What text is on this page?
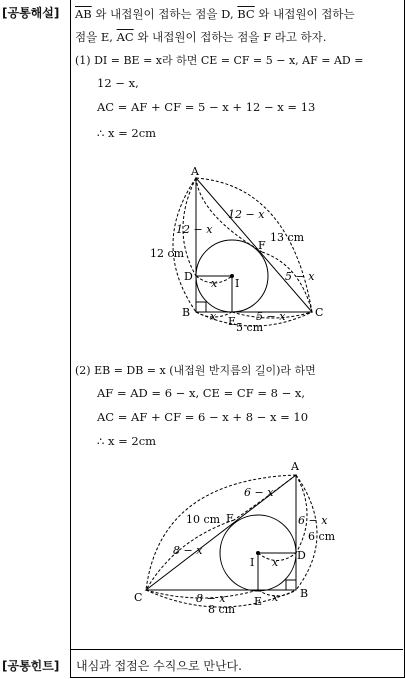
[공통해설]
[공통힌트]
$\overline{AB}$ 와 내접원이 접하는 점을 D, $\overline{BC}$ 와 내접원이 접하는
점을 E, $\overline{AC}$ 와 내접원이 접하는 점을 F 라고 하자.
(1) DI = BE = x라 하면 CE = CF = 5 − x, AF = AD =
12 − x,
AC = AF + CF = 5 − x + 12 − x = 13
∴ x = 2cm
A
B	C
D
E
F
I
12 − x
13 cm
12 − x
12 cm
5 − x
x
x	5 − x
5 cm
A
B
C
D
E
F
I
6 − x
10 cm	6 − x
6 cm
8 − x
x
8 − x	x
8 cm
(2) EB = DB = x (내접원 반지름의 길이)라 하면
AF = AD = 6 − x, CE = CF = 8 − x,
AC = AF + CF = 6 − x + 8 − x = 10
∴ x = 2cm
내심과 접점은 수직으로 만난다.
